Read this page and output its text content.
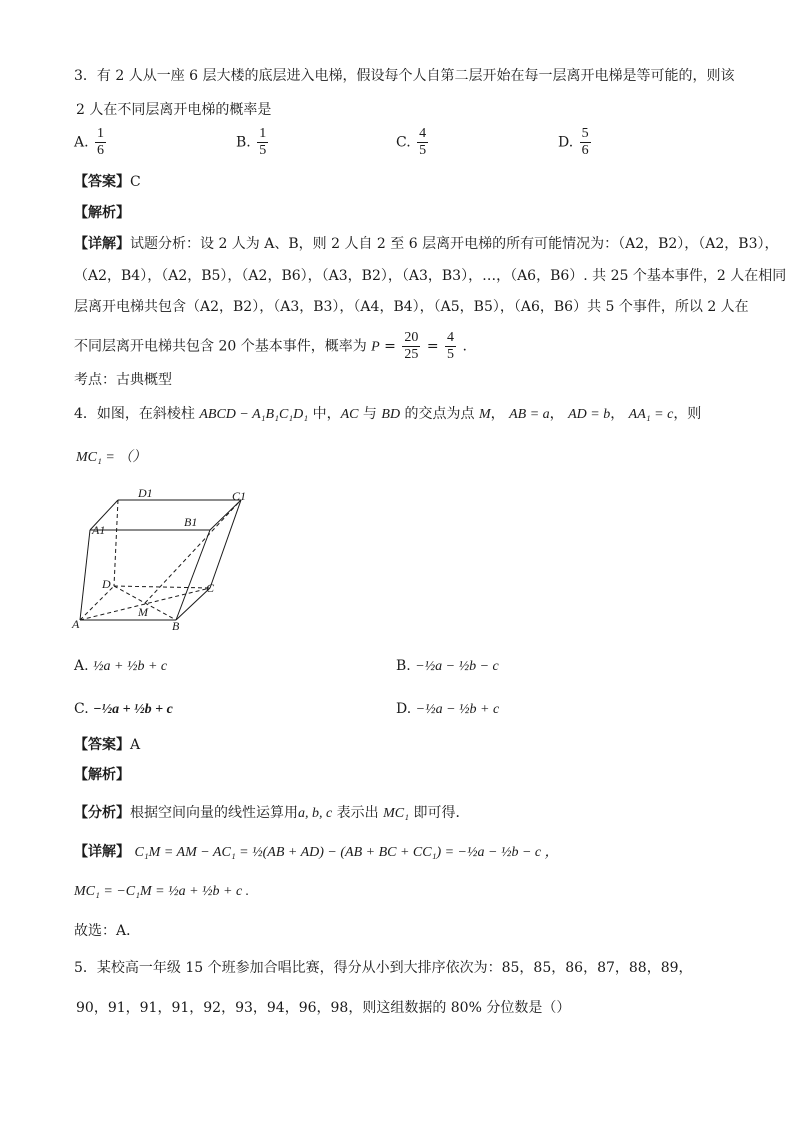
3．有 2 人从一座 6 层大楼的底层进入电梯，假设每个人自第二层开始在每一层离开电梯是等可能的，则该
2 人在不同层离开电梯的概率是
A. $\frac{1}{6}$	B. $\frac{1}{5}$	C. $\frac{4}{5}$	D. $\frac{5}{6}$
【答案】C
【解析】
【详解】试题分析：设 2 人为 A、B，则 2 人自 2 至 6 层离开电梯的所有可能情况为：（A2，B2），（A2，B3），
（A2，B4），（A2，B5），（A2，B6），（A3，B2），（A3，B3），…，（A6，B6）. 共 25 个基本事件，2 人在相同
层离开电梯共包含（A2，B2），（A3，B3），（A4，B4），（A5，B5），（A6，B6）共 5 个事件，所以 2 人在
不同层离开电梯共包含 20 个基本事件，概率为 $P = \frac{20}{25} = \frac{4}{5}$ .
考点：古典概型
4．如图，在斜棱柱 ABCD − A₁B₁C₁D₁ 中，AC 与 BD 的交点为点 M， AB = a， AD = b， AA₁ = c，则
MC₁ = （）
D1	C1
A1
B1
D	C
M
A	B
A. ½a + ½b + c	B. −½a − ½b − c
C. −½a + ½b + c	D. −½a − ½b + c
【答案】A
【解析】
【分析】根据空间向量的线性运算用a, b, c 表示出 MC₁ 即可得．
【详解】 C₁M = AM − AC₁ = ½(AB + AD) − (AB + BC + CC₁) = −½a − ½b − c ，
MC₁ = −C₁M = ½a + ½b + c .
故选：A．
5．某校高一年级 15 个班参加合唱比赛，得分从小到大排序依次为：85，85，86，87，88，89，
90，91，91，91，92，93，94，96，98，则这组数据的 80% 分位数是（）
